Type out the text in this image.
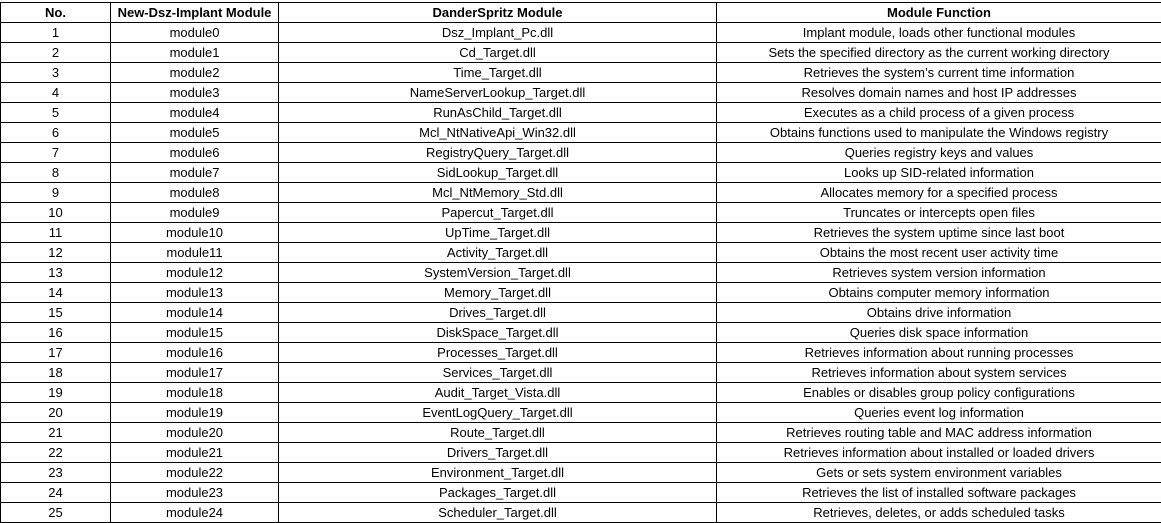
No.	New-Dsz-Implant Module	DanderSpritz Module	Module Function
1	module0	Dsz_Implant_Pc.dll	Implant module, loads other functional modules
2	module1	Cd_Target.dll	Sets the specified directory as the current working directory
3	module2	Time_Target.dll	Retrieves the system’s current time information
4	module3	NameServerLookup_Target.dll	Resolves domain names and host IP addresses
5	module4	RunAsChild_Target.dll	Executes as a child process of a given process
6	module5	Mcl_NtNativeApi_Win32.dll	Obtains functions used to manipulate the Windows registry
7	module6	RegistryQuery_Target.dll	Queries registry keys and values
8	module7	SidLookup_Target.dll	Looks up SID-related information
9	module8	Mcl_NtMemory_Std.dll	Allocates memory for a specified process
10	module9	Papercut_Target.dll	Truncates or intercepts open files
11	module10	UpTime_Target.dll	Retrieves the system uptime since last boot
12	module11	Activity_Target.dll	Obtains the most recent user activity time
13	module12	SystemVersion_Target.dll	Retrieves system version information
14	module13	Memory_Target.dll	Obtains computer memory information
15	module14	Drives_Target.dll	Obtains drive information
16	module15	DiskSpace_Target.dll	Queries disk space information
17	module16	Processes_Target.dll	Retrieves information about running processes
18	module17	Services_Target.dll	Retrieves information about system services
19	module18	Audit_Target_Vista.dll	Enables or disables group policy configurations
20	module19	EventLogQuery_Target.dll	Queries event log information
21	module20	Route_Target.dll	Retrieves routing table and MAC address information
22	module21	Drivers_Target.dll	Retrieves information about installed or loaded drivers
23	module22	Environment_Target.dll	Gets or sets system environment variables
24	module23	Packages_Target.dll	Retrieves the list of installed software packages
25	module24	Scheduler_Target.dll	Retrieves, deletes, or adds scheduled tasks
